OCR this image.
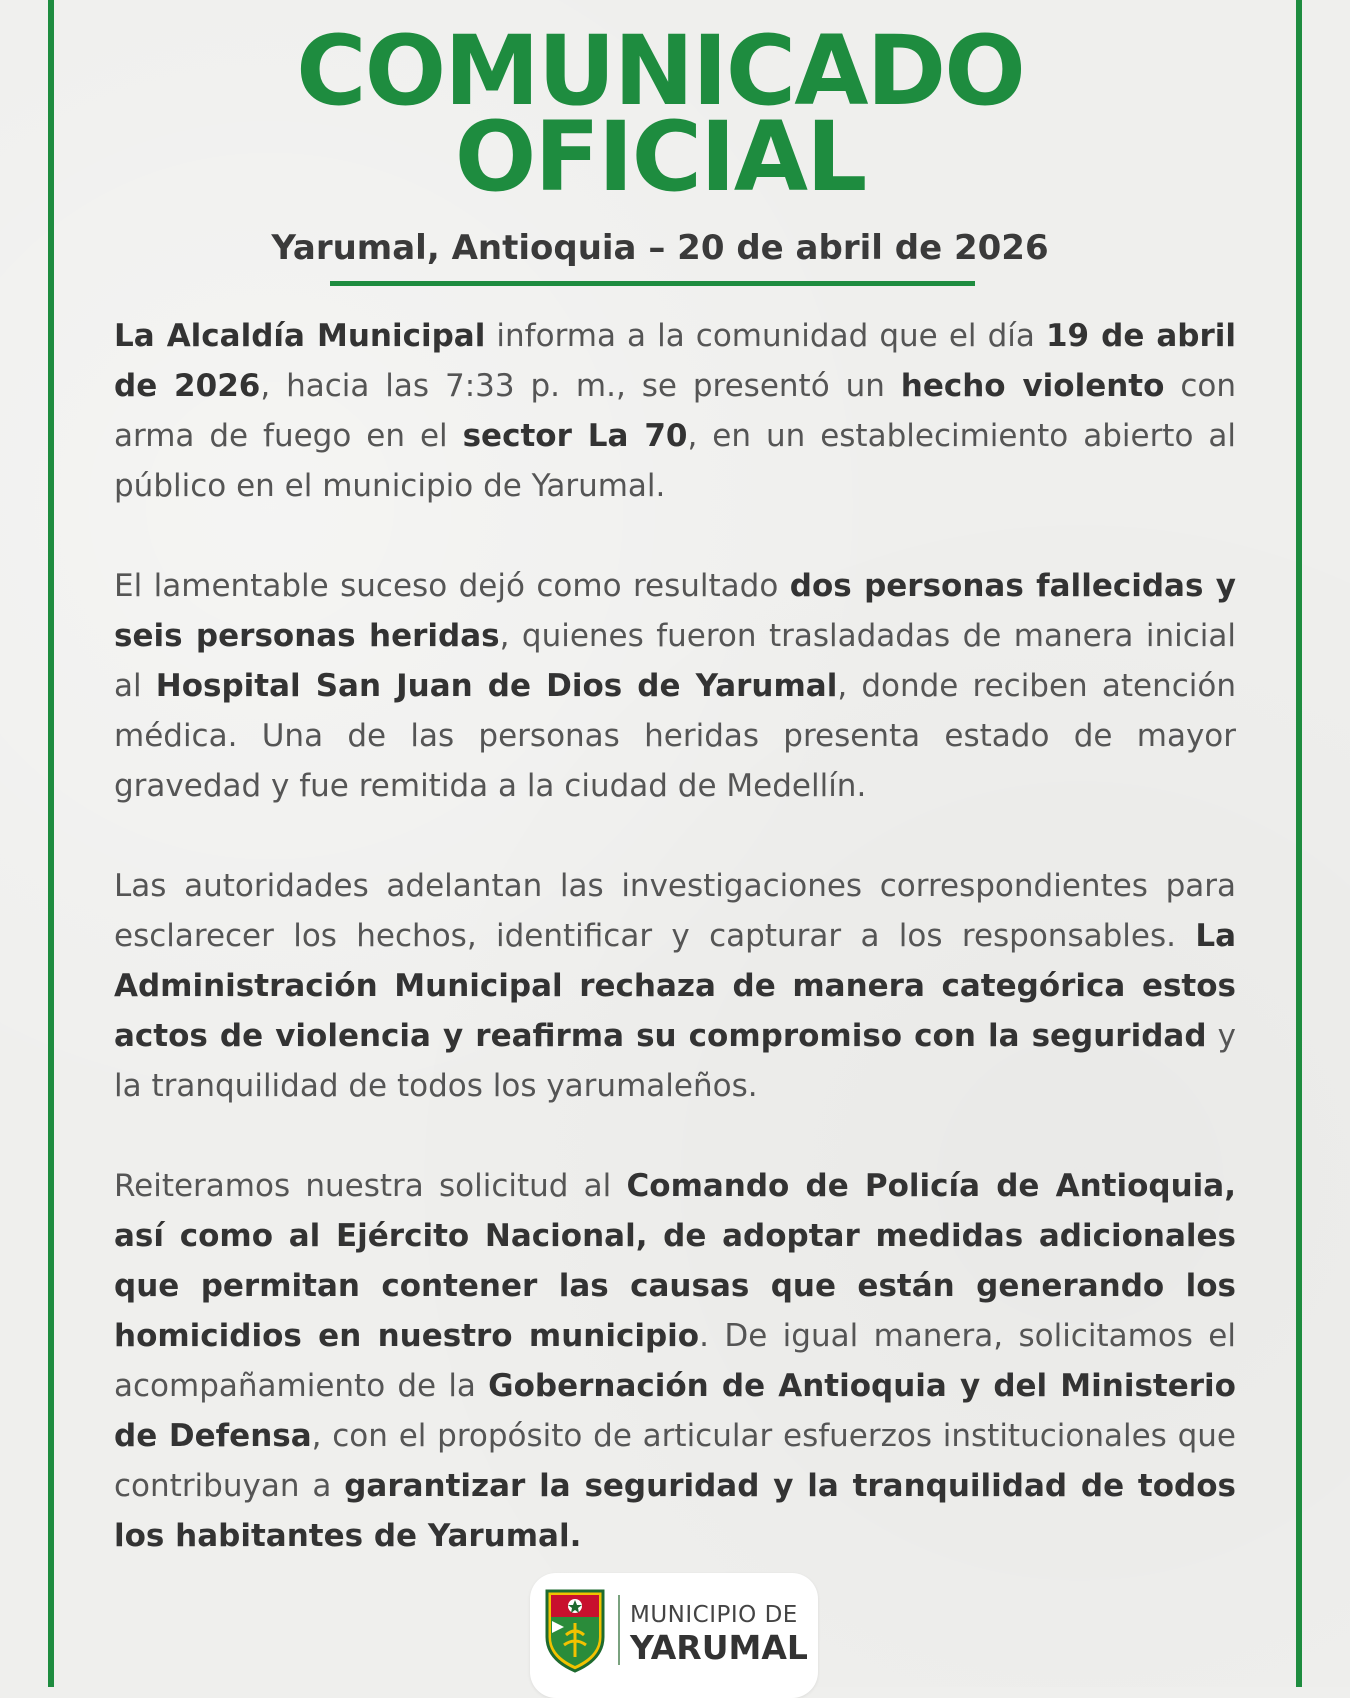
COMUNICADO
OFICIAL
Yarumal, Antioquia – 20 de abril de 2026

La Alcaldía Municipal informa a la comunidad que el día 19 de abril de 2026, hacia las 7:33 p. m., se presentó un hecho violento con arma de fuego en el sector La 70, en un establecimiento abierto al público en el municipio de Yarumal.

El lamentable suceso dejó como resultado dos personas fallecidas y seis personas heridas, quienes fueron trasladadas de manera inicial al Hospital San Juan de Dios de Yarumal, donde reciben atención médica. Una de las personas heridas presenta estado de mayor gravedad y fue remitida a la ciudad de Medellín.

Las autoridades adelantan las investigaciones correspondientes para esclarecer los hechos, identificar y capturar a los responsables. La Administración Municipal rechaza de manera categórica estos actos de violencia y reafirma su compromiso con la seguridad y la tranquilidad de todos los yarumaleños.

Reiteramos nuestra solicitud al Comando de Policía de Antioquia, así como al Ejército Nacional, de adoptar medidas adicionales que permitan contener las causas que están generando los homicidios en nuestro municipio. De igual manera, solicitamos el acompañamiento de la Gobernación de Antioquia y del Ministerio de Defensa, con el propósito de articular esfuerzos institucionales que contribuyan a garantizar la seguridad y la tranquilidad de todos los habitantes de Yarumal.

MUNICIPIO DE
YARUMAL
